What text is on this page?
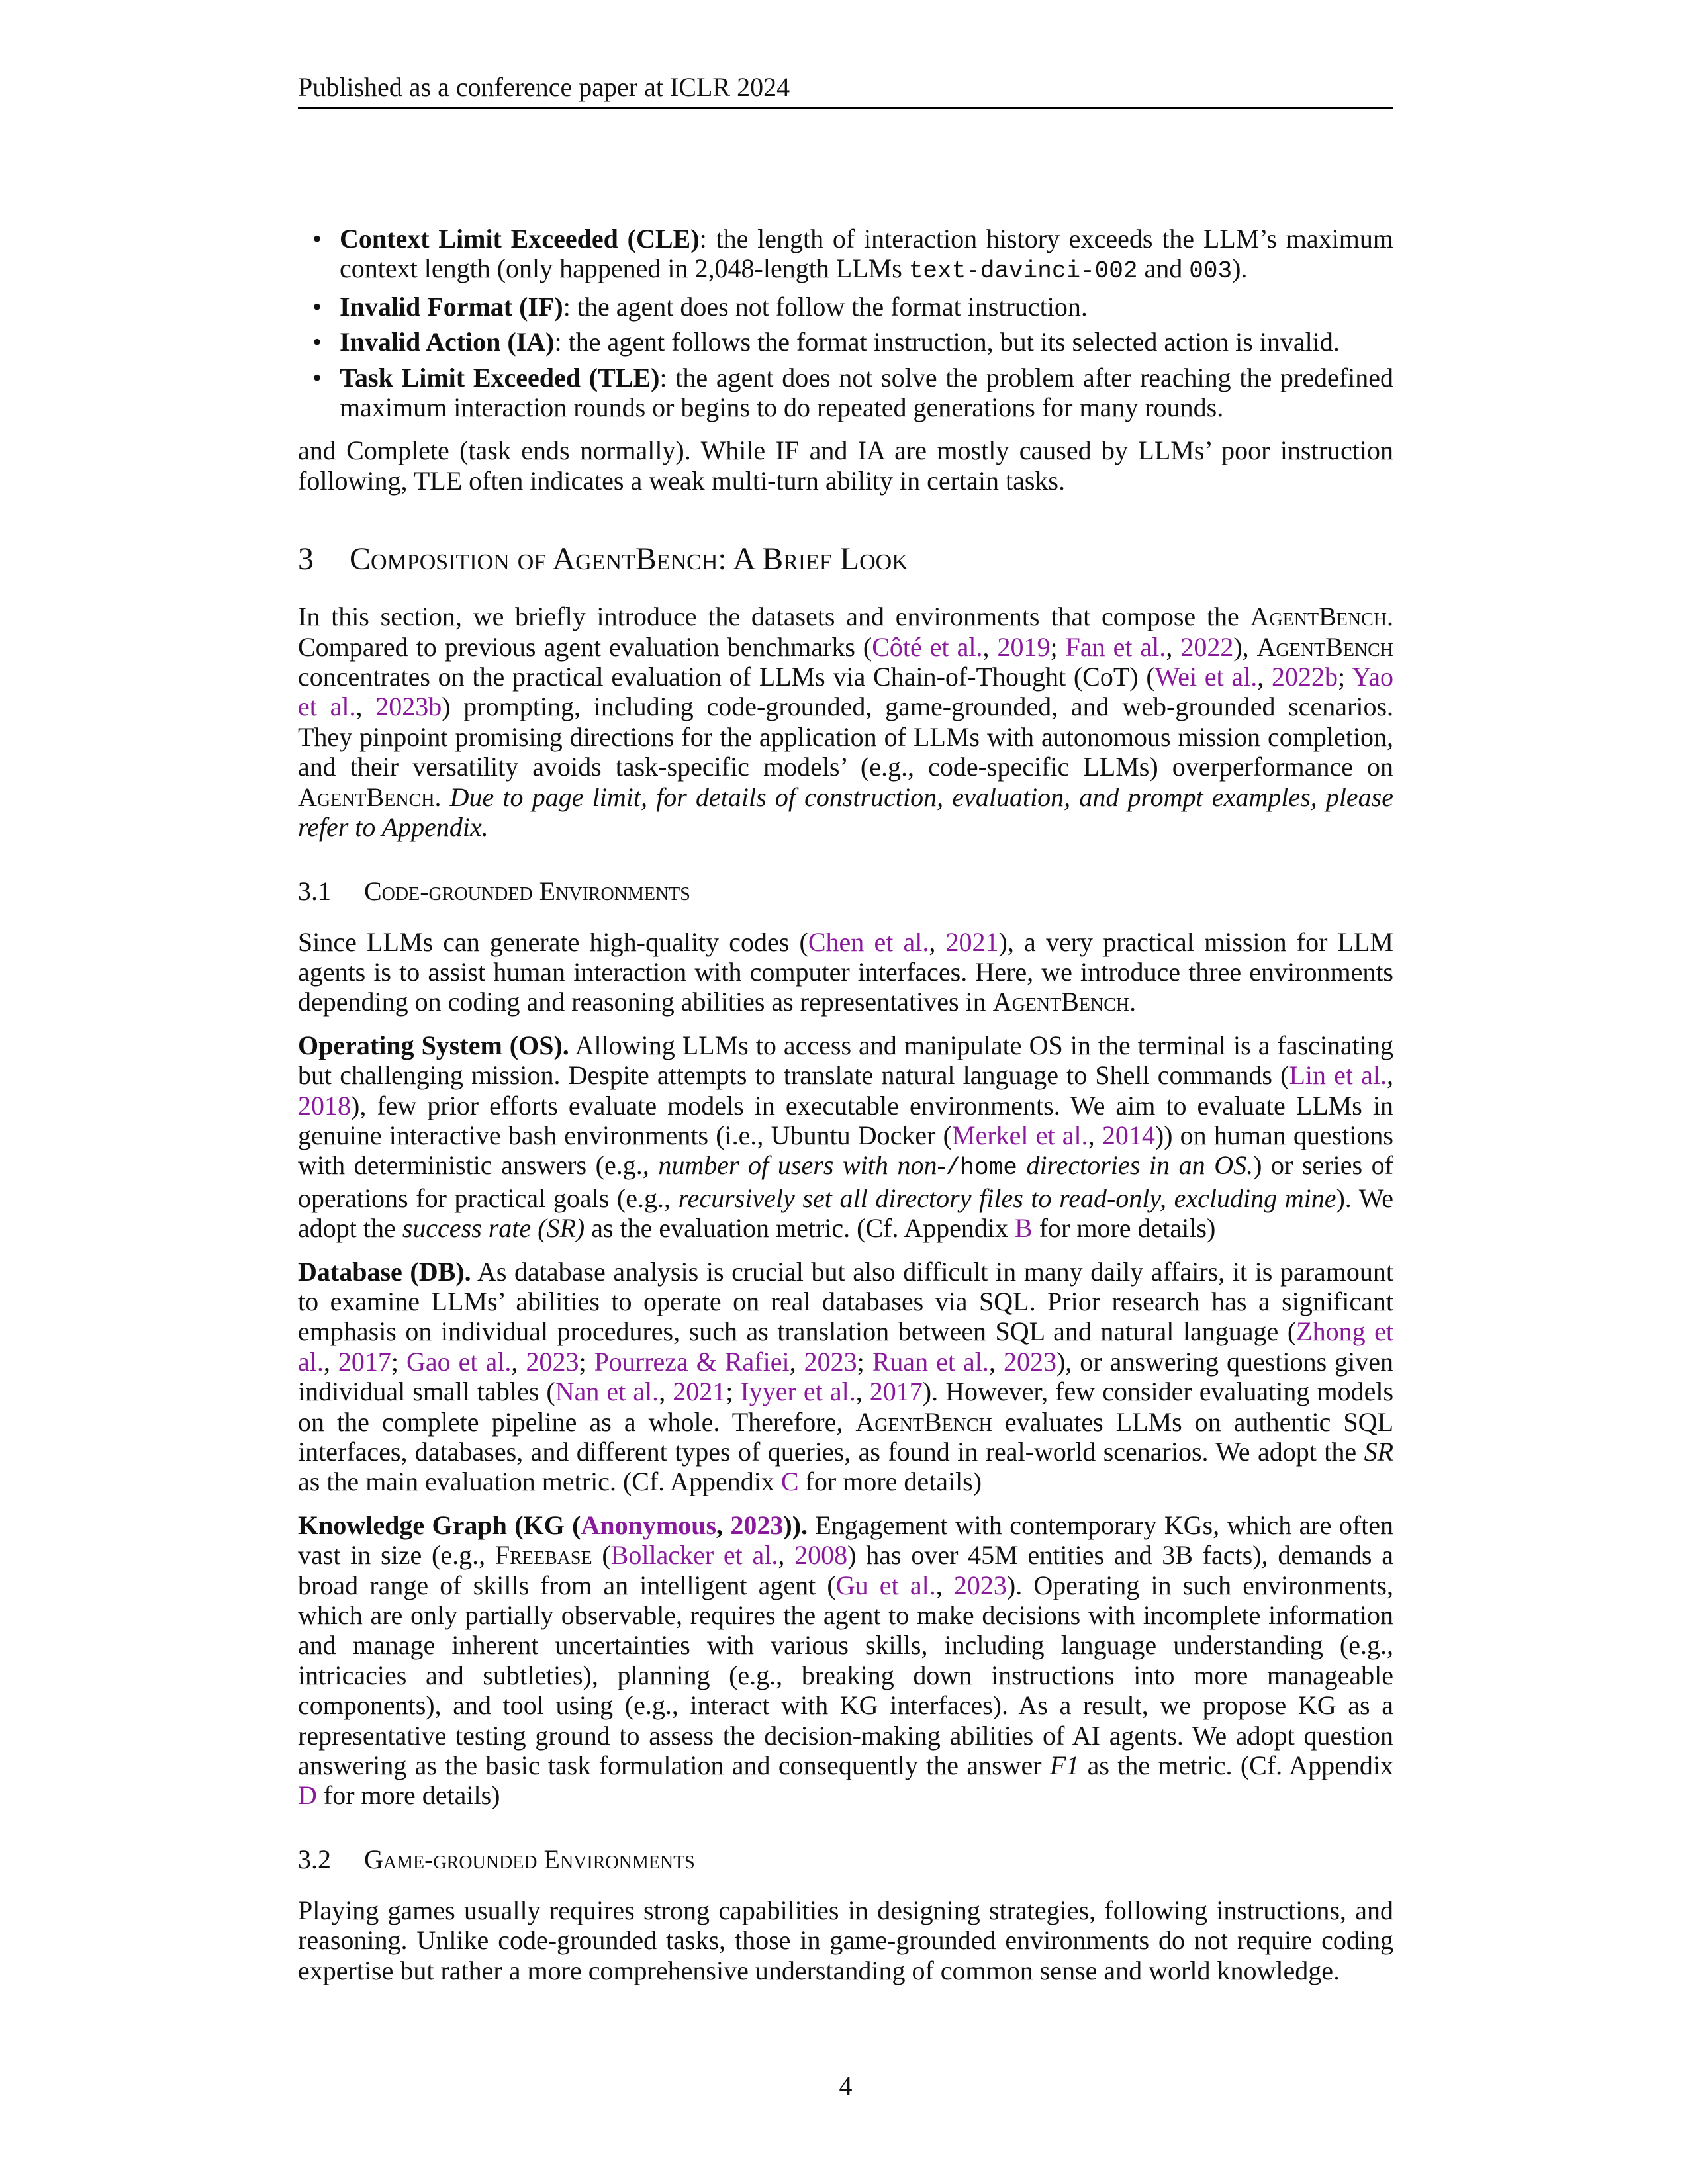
Published as a conference paper at ICLR 2024
• Context Limit Exceeded (CLE): the length of interaction history exceeds the LLM’s maximum context length (only happened in 2,048-length LLMs text-davinci-002 and 003).
• Invalid Format (IF): the agent does not follow the format instruction.
• Invalid Action (IA): the agent follows the format instruction, but its selected action is invalid.
• Task Limit Exceeded (TLE): the agent does not solve the problem after reaching the predefined maximum interaction rounds or begins to do repeated generations for many rounds.

and Complete (task ends normally). While IF and IA are mostly caused by LLMs’ poor instruction following, TLE often indicates a weak multi-turn ability in certain tasks.

3 Composition of AgentBench: A Brief Look

In this section, we briefly introduce the datasets and environments that compose the AgentBench. Compared to previous agent evaluation benchmarks (Côté et al., 2019; Fan et al., 2022), AgentBench concentrates on the practical evaluation of LLMs via Chain-of-Thought (CoT) (Wei et al., 2022b; Yao et al., 2023b) prompting, including code-grounded, game-grounded, and web-grounded scenarios. They pinpoint promising directions for the application of LLMs with autonomous mission completion, and their versatility avoids task-specific models’ (e.g., code-specific LLMs) overperformance on AgentBench. Due to page limit, for details of construction, evaluation, and prompt examples, please refer to Appendix.

3.1 Code-grounded Environments

Since LLMs can generate high-quality codes (Chen et al., 2021), a very practical mission for LLM agents is to assist human interaction with computer interfaces. Here, we introduce three environments depending on coding and reasoning abilities as representatives in AgentBench.

Operating System (OS). Allowing LLMs to access and manipulate OS in the terminal is a fascinating but challenging mission. Despite attempts to translate natural language to Shell commands (Lin et al., 2018), few prior efforts evaluate models in executable environments. We aim to evaluate LLMs in genuine interactive bash environments (i.e., Ubuntu Docker (Merkel et al., 2014)) on human questions with deterministic answers (e.g., number of users with non-/home directories in an OS.) or series of operations for practical goals (e.g., recursively set all directory files to read-only, excluding mine). We adopt the success rate (SR) as the evaluation metric. (Cf. Appendix B for more details)

Database (DB). As database analysis is crucial but also difficult in many daily affairs, it is paramount to examine LLMs’ abilities to operate on real databases via SQL. Prior research has a significant emphasis on individual procedures, such as translation between SQL and natural language (Zhong et al., 2017; Gao et al., 2023; Pourreza & Rafiei, 2023; Ruan et al., 2023), or answering questions given individual small tables (Nan et al., 2021; Iyyer et al., 2017). However, few consider evaluating models on the complete pipeline as a whole. Therefore, AgentBench evaluates LLMs on authentic SQL interfaces, databases, and different types of queries, as found in real-world scenarios. We adopt the SR as the main evaluation metric. (Cf. Appendix C for more details)

Knowledge Graph (KG (Anonymous, 2023)). Engagement with contemporary KGs, which are often vast in size (e.g., Freebase (Bollacker et al., 2008) has over 45M entities and 3B facts), demands a broad range of skills from an intelligent agent (Gu et al., 2023). Operating in such environments, which are only partially observable, requires the agent to make decisions with incomplete information and manage inherent uncertainties with various skills, including language understanding (e.g., intricacies and subtleties), planning (e.g., breaking down instructions into more manageable components), and tool using (e.g., interact with KG interfaces). As a result, we propose KG as a representative testing ground to assess the decision-making abilities of AI agents. We adopt question answering as the basic task formulation and consequently the answer F1 as the metric. (Cf. Appendix D for more details)

3.2 Game-grounded Environments

Playing games usually requires strong capabilities in designing strategies, following instructions, and reasoning. Unlike code-grounded tasks, those in game-grounded environments do not require coding expertise but rather a more comprehensive understanding of common sense and world knowledge.

4
